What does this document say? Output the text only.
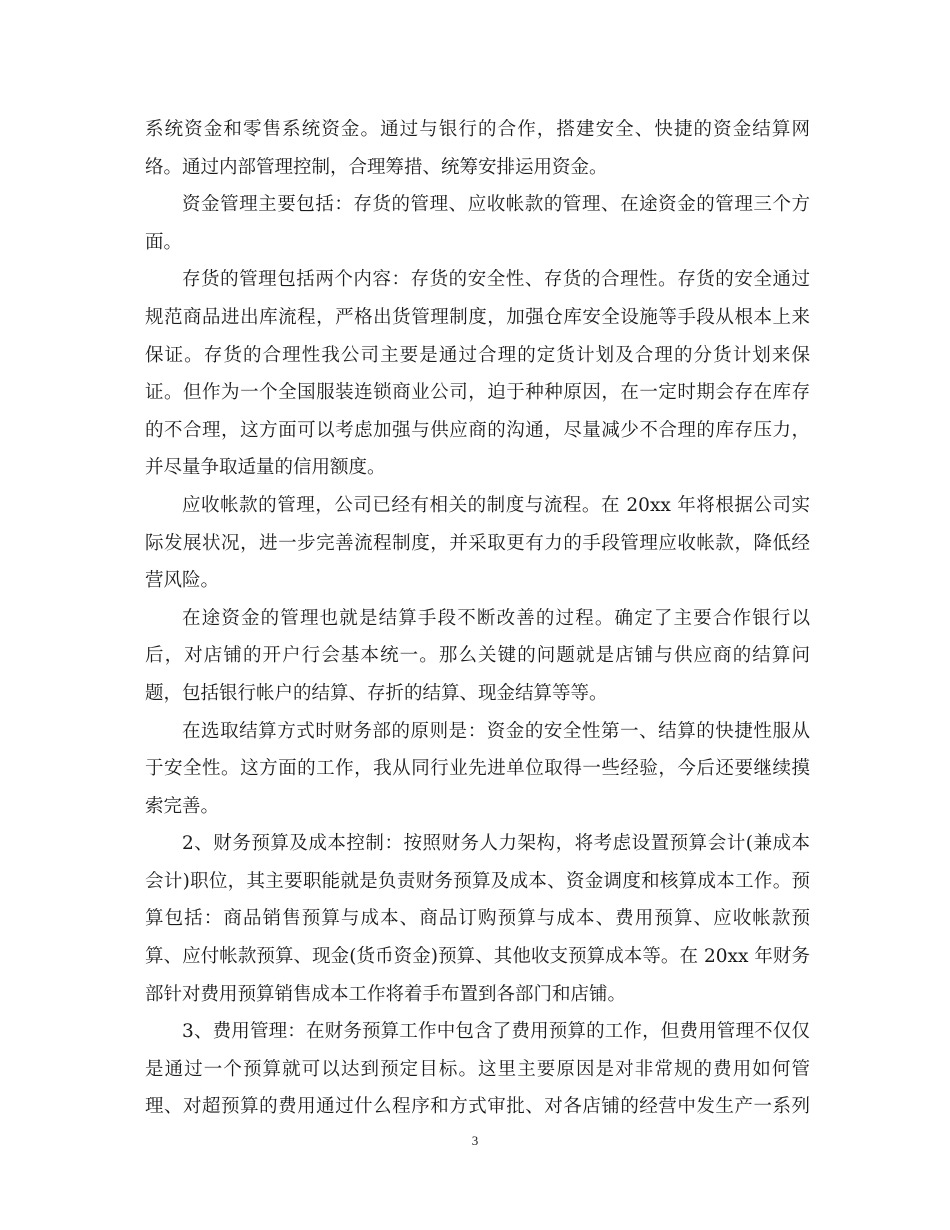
系统资金和零售系统资金。通过与银行的合作，搭建安全、快捷的资金结算网
络。通过内部管理控制，合理筹措、统筹安排运用资金。
资金管理主要包括：存货的管理、应收帐款的管理、在途资金的管理三个方
面。
存货的管理包括两个内容：存货的安全性、存货的合理性。存货的安全通过
规范商品进出库流程，严格出货管理制度，加强仓库安全设施等手段从根本上来
保证。存货的合理性我公司主要是通过合理的定货计划及合理的分货计划来保
证。但作为一个全国服装连锁商业公司，迫于种种原因，在一定时期会存在库存
的不合理，这方面可以考虑加强与供应商的沟通，尽量减少不合理的库存压力，
并尽量争取适量的信用额度。
应收帐款的管理，公司已经有相关的制度与流程。在 20xx 年将根据公司实
际发展状况，进一步完善流程制度，并采取更有力的手段管理应收帐款，降低经
营风险。
在途资金的管理也就是结算手段不断改善的过程。确定了主要合作银行以
后，对店铺的开户行会基本统一。那么关键的问题就是店铺与供应商的结算问
题，包括银行帐户的结算、存折的结算、现金结算等等。
在选取结算方式时财务部的原则是：资金的安全性第一、结算的快捷性服从
于安全性。这方面的工作，我从同行业先进单位取得一些经验，今后还要继续摸
索完善。
2、财务预算及成本控制：按照财务人力架构，将考虑设置预算会计(兼成本
会计)职位，其主要职能就是负责财务预算及成本、资金调度和核算成本工作。预
算包括：商品销售预算与成本、商品订购预算与成本、费用预算、应收帐款预
算、应付帐款预算、现金(货币资金)预算、其他收支预算成本等。在 20xx 年财务
部针对费用预算销售成本工作将着手布置到各部门和店铺。
3、费用管理：在财务预算工作中包含了费用预算的工作，但费用管理不仅仅
是通过一个预算就可以达到预定目标。这里主要原因是对非常规的费用如何管
理、对超预算的费用通过什么程序和方式审批、对各店铺的经营中发生产一系列
3
